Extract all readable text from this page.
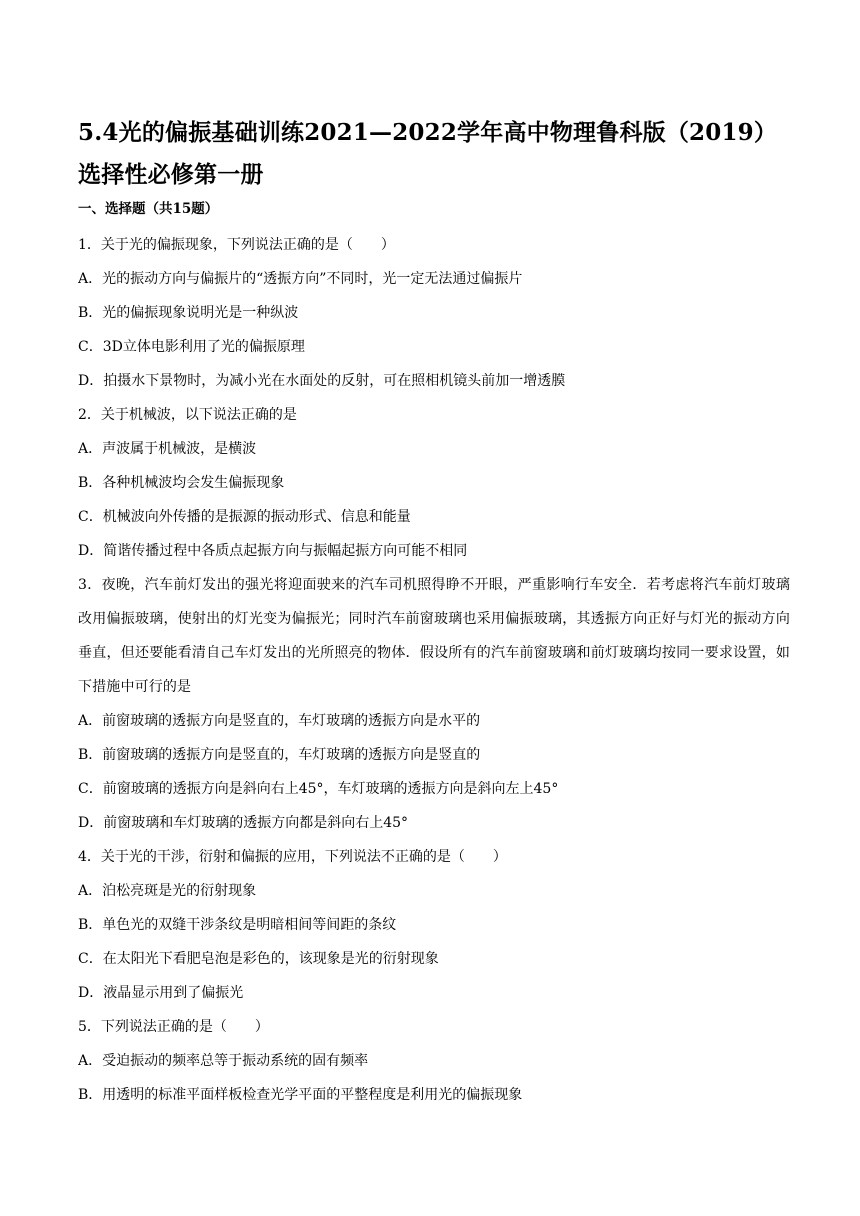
5.4光的偏振基础训练2021—2022学年高中物理鲁科版（2019）选择性必修第一册
一、选择题（共15题）
1．关于光的偏振现象，下列说法正确的是（　　）
A．光的振动方向与偏振片的“透振方向”不同时，光一定无法通过偏振片
B．光的偏振现象说明光是一种纵波
C．3D立体电影利用了光的偏振原理
D．拍摄水下景物时，为减小光在水面处的反射，可在照相机镜头前加一增透膜
2．关于机械波，以下说法正确的是
A．声波属于机械波，是横波
B．各种机械波均会发生偏振现象
C．机械波向外传播的是振源的振动形式、信息和能量
D．简谐传播过程中各质点起振方向与振幅起振方向可能不相同
3．夜晚，汽车前灯发出的强光将迎面驶来的汽车司机照得睁不开眼，严重影响行车安全．若考虑将汽车前灯玻璃改用偏振玻璃，使射出的灯光变为偏振光；同时汽车前窗玻璃也采用偏振玻璃，其透振方向正好与灯光的振动方向垂直，但还要能看清自己车灯发出的光所照亮的物体．假设所有的汽车前窗玻璃和前灯玻璃均按同一要求设置，如下措施中可行的是
A．前窗玻璃的透振方向是竖直的，车灯玻璃的透振方向是水平的
B．前窗玻璃的透振方向是竖直的，车灯玻璃的透振方向是竖直的
C．前窗玻璃的透振方向是斜向右上45°，车灯玻璃的透振方向是斜向左上45°
D．前窗玻璃和车灯玻璃的透振方向都是斜向右上45°
4．关于光的干涉，衍射和偏振的应用，下列说法不正确的是（　　）
A．泊松亮斑是光的衍射现象
B．单色光的双缝干涉条纹是明暗相间等间距的条纹
C．在太阳光下看肥皂泡是彩色的，该现象是光的衍射现象
D．液晶显示用到了偏振光
5．下列说法正确的是（　　）
A．受迫振动的频率总等于振动系统的固有频率
B．用透明的标准平面样板检查光学平面的平整程度是利用光的偏振现象
